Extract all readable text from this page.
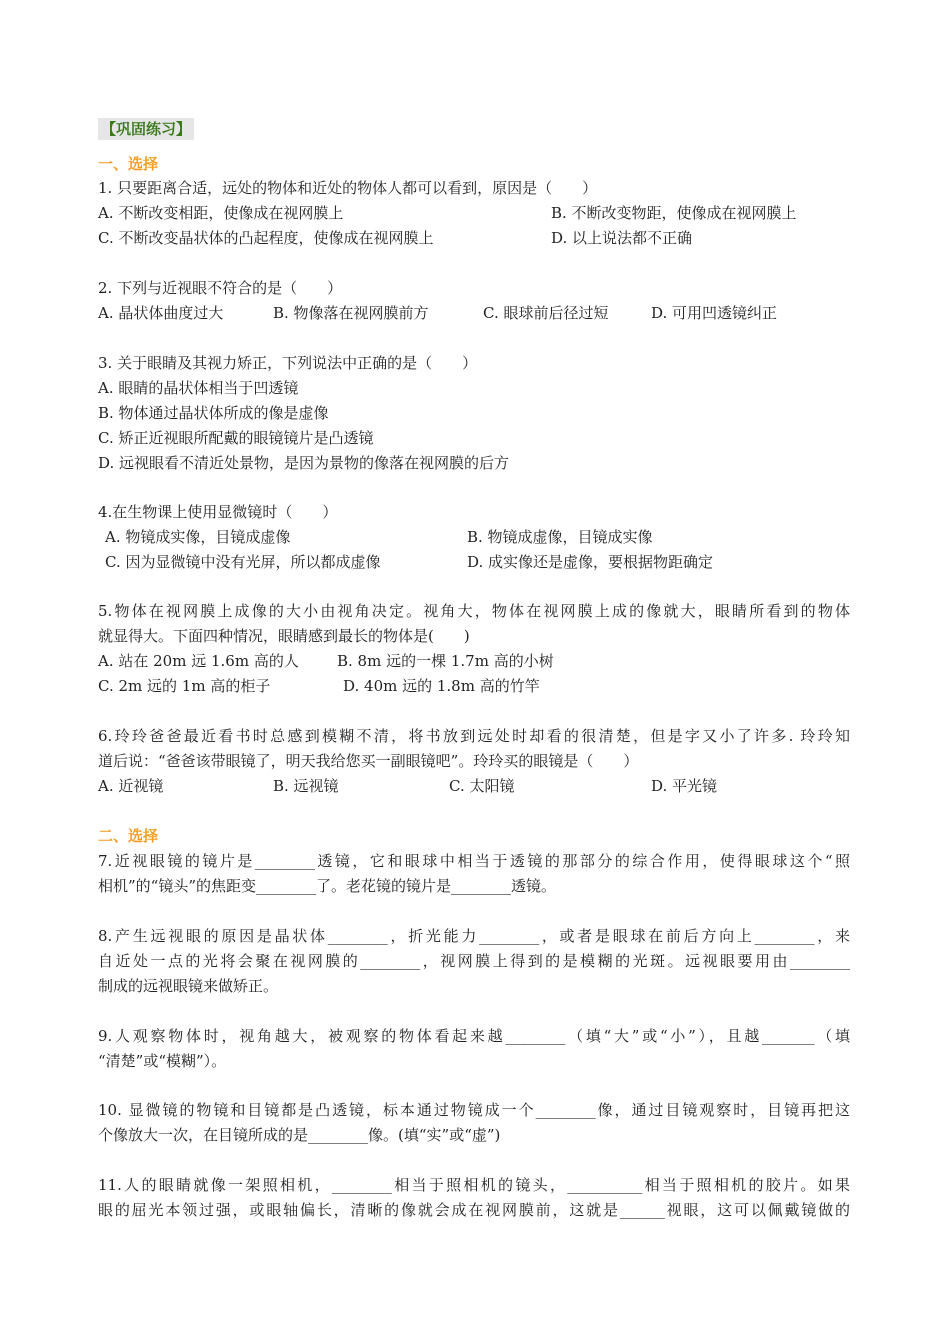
【巩固练习】
一、选择
1. 只要距离合适，远处的物体和近处的物体人都可以看到，原因是（　　）
A. 不断改变相距，使像成在视网膜上	B. 不断改变物距，使像成在视网膜上
C. 不断改变晶状体的凸起程度，使像成在视网膜上	D. 以上说法都不正确
2. 下列与近视眼不符合的是（　　）
A. 晶状体曲度过大	B. 物像落在视网膜前方	C. 眼球前后径过短	D. 可用凹透镜纠正
3. 关于眼睛及其视力矫正，下列说法中正确的是（　　）
A. 眼睛的晶状体相当于凹透镜
B. 物体通过晶状体所成的像是虚像
C. 矫正近视眼所配戴的眼镜镜片是凸透镜
D. 远视眼看不清近处景物，是因为景物的像落在视网膜的后方
4.在生物课上使用显微镜时（　　）
A. 物镜成实像，目镜成虚像	B. 物镜成虚像，目镜成实像
C. 因为显微镜中没有光屏，所以都成虚像	D. 成实像还是虚像，要根据物距确定
5.物体在视网膜上成像的大小由视角决定。视角大，物体在视网膜上成的像就大，眼睛所看到的物体
就显得大。下面四种情况，眼睛感到最长的物体是(　　)
A. 站在 20m 远 1.6m 高的人	B. 8m 远的一棵 1.7m 高的小树
C. 2m 远的 1m 高的柜子	D. 40m 远的 1.8m 高的竹竿
6.玲玲爸爸最近看书时总感到模糊不清，将书放到远处时却看的很清楚，但是字又小了许多. 玲玲知
道后说：“爸爸该带眼镜了，明天我给您买一副眼镜吧”。玲玲买的眼镜是（　　）
A. 近视镜	B. 远视镜	C. 太阳镜	D. 平光镜
二、选择
7.近视眼镜的镜片是________透镜，它和眼球中相当于透镜的那部分的综合作用，使得眼球这个“照
相机”的“镜头”的焦距变________了。老花镜的镜片是________透镜。
8.产生远视眼的原因是晶状体________，折光能力________，或者是眼球在前后方向上________，来
自近处一点的光将会聚在视网膜的________，视网膜上得到的是模糊的光斑。远视眼要用由________
制成的远视眼镜来做矫正。
9.人观察物体时，视角越大，被观察的物体看起来越________（填“大”或“小”），且越_______（填
“清楚”或“模糊”）。
10. 显微镜的物镜和目镜都是凸透镜，标本通过物镜成一个________像，通过目镜观察时，目镜再把这
个像放大一次，在目镜所成的是________像。(填“实”或“虚”)
11.人的眼睛就像一架照相机，________相当于照相机的镜头，__________相当于照相机的胶片。如果
眼的屈光本领过强，或眼轴偏长，清晰的像就会成在视网膜前，这就是______视眼，这可以佩戴镜做的
